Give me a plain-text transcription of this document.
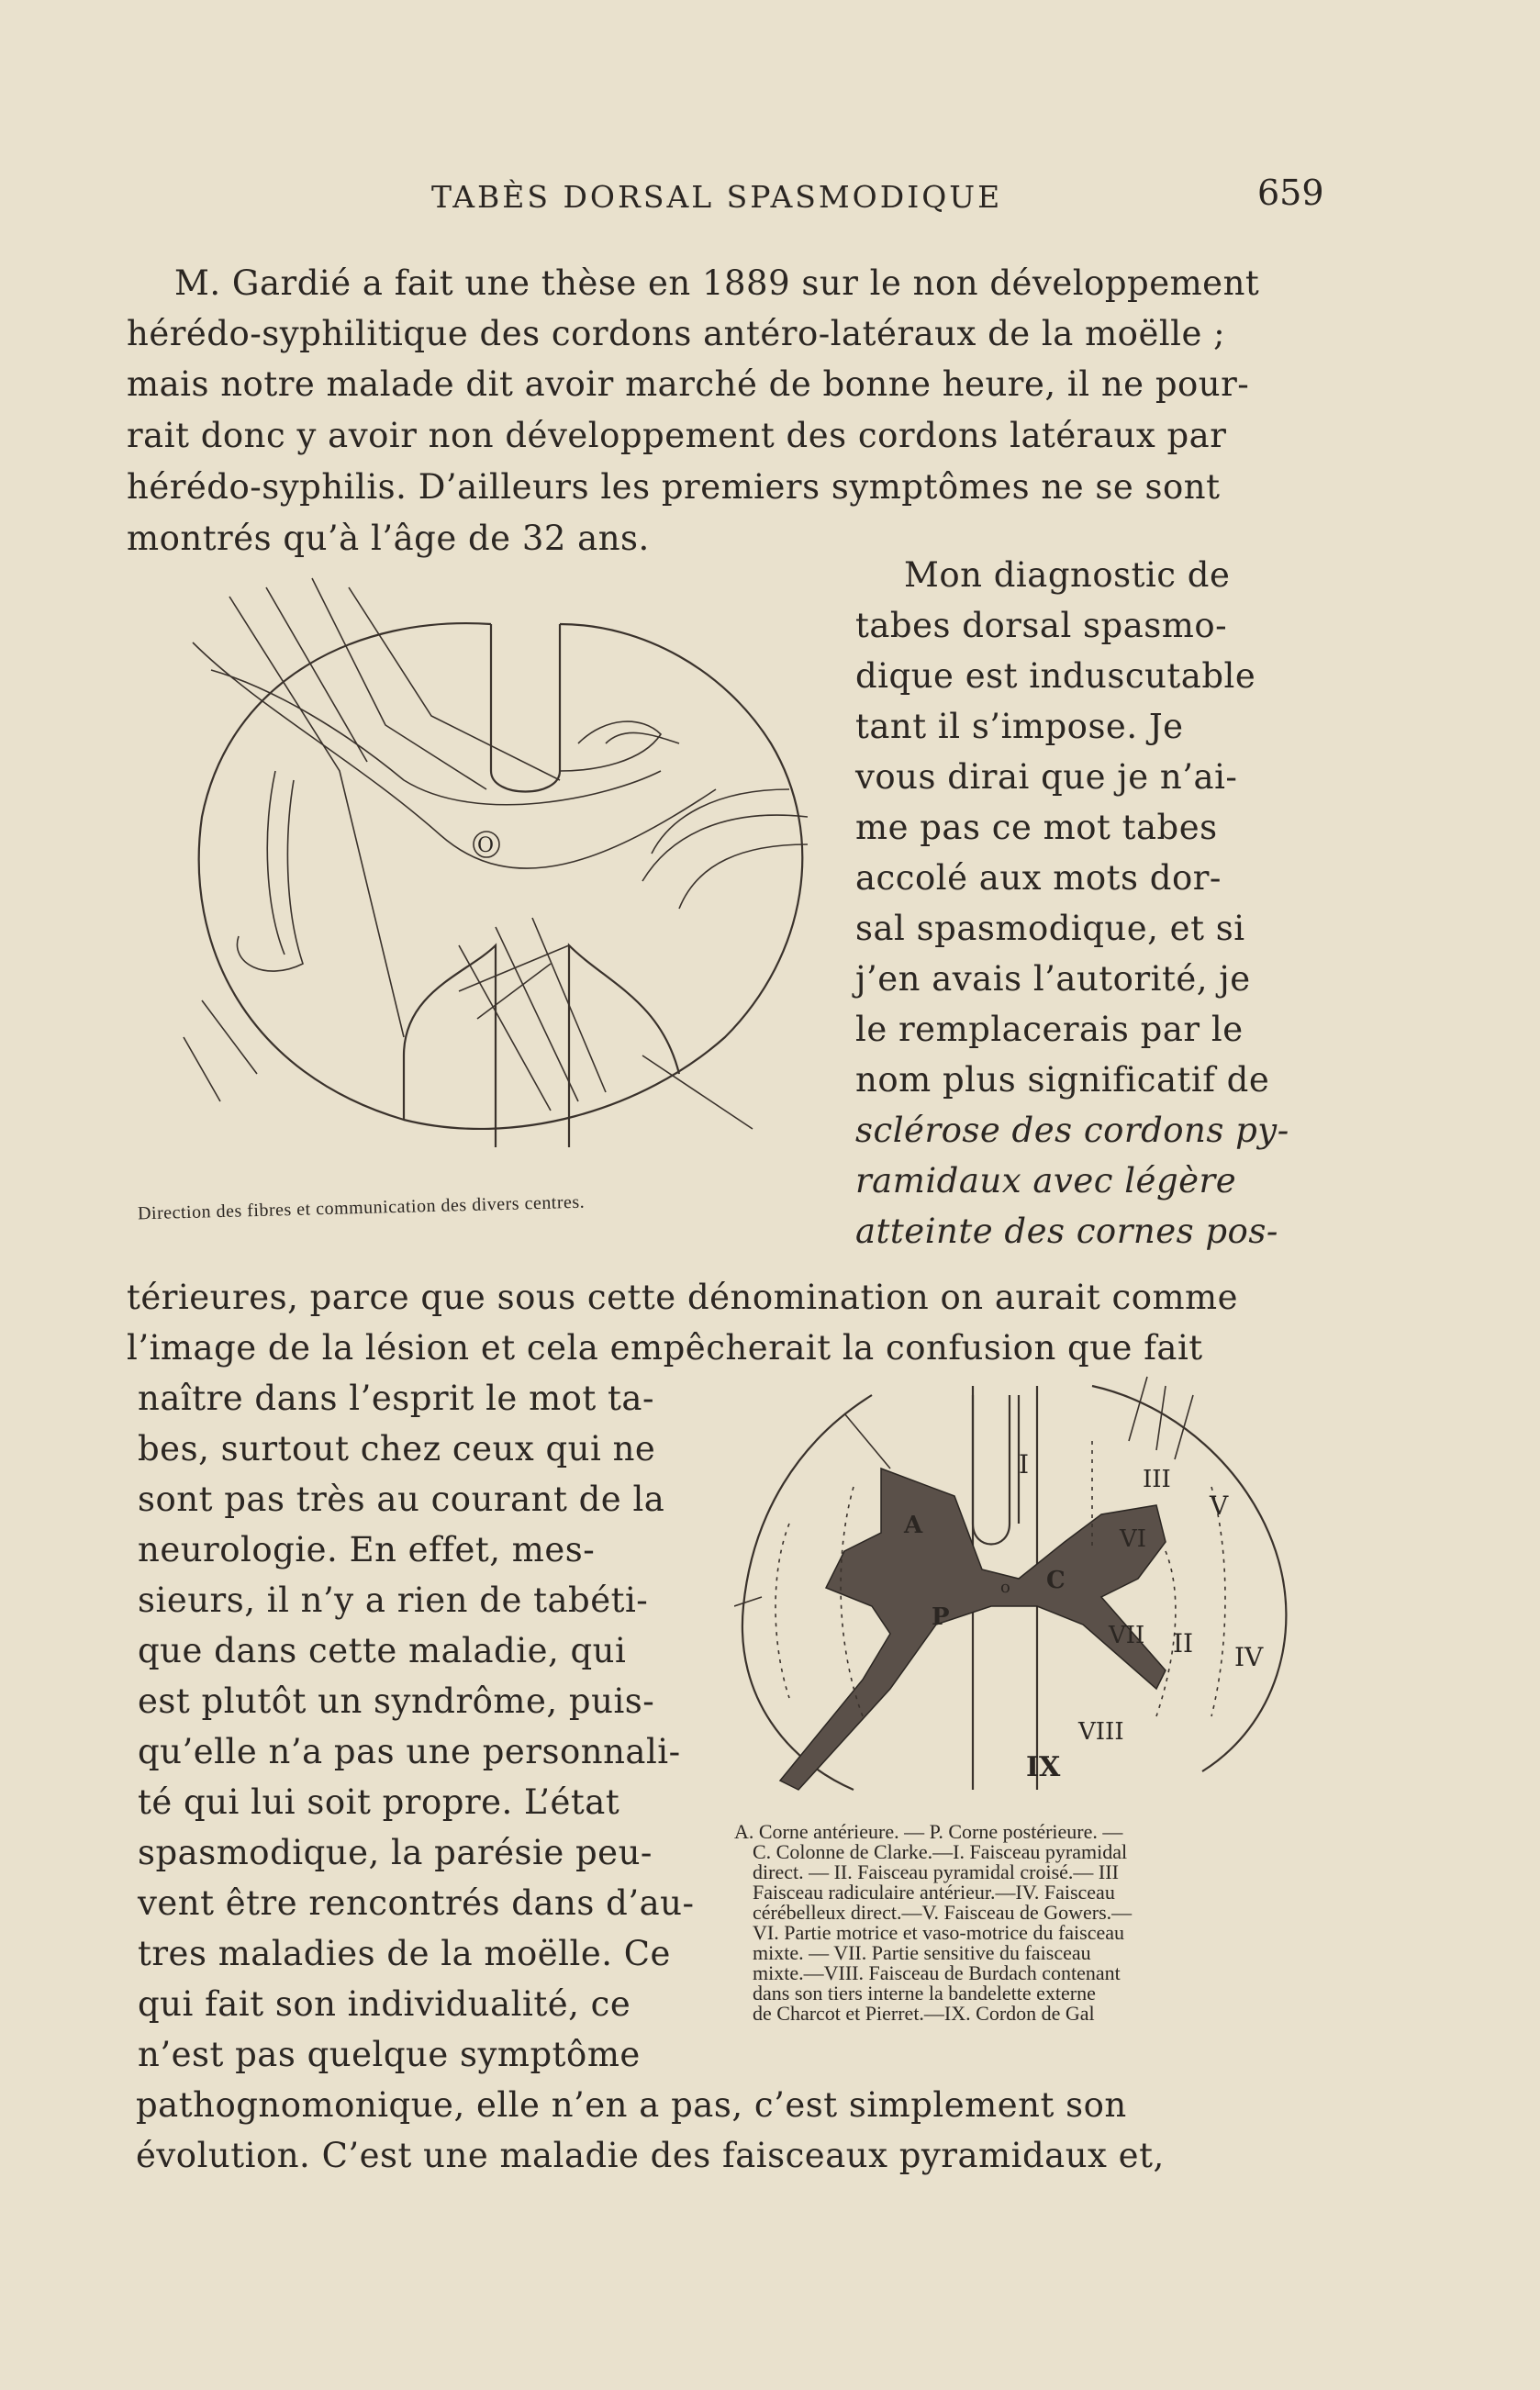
TABÈS DORSAL SPASMODIQUE	659
M. Gardié a fait une thèse en 1889 sur le non développement
hérédo-syphilitique des cordons antéro-latéraux de la moëlle ;
mais notre malade dit avoir marché de bonne heure, il ne pour-
rait donc y avoir non développement des cordons latéraux par
hérédo-syphilis. D’ailleurs les premiers symptômes ne se sont
montrés qu’à l’âge de 32 ans.
O
Direction des fibres et communication des divers centres.
Mon diagnostic de
tabes dorsal spasmo-
dique est induscutable
tant il s’impose. Je
vous dirai que je n’ai-
me pas ce mot tabes
accolé aux mots dor-
sal spasmodique, et si
j’en avais l’autorité, je
le remplacerais par le
nom plus significatif de
sclérose des cordons py-
ramidaux avec légère
atteinte des cornes pos-
térieures, parce que sous cette dénomination on aurait comme
l’image de la lésion et cela empêcherait la confusion que fait
naître dans l’esprit le mot ta-
bes, surtout chez ceux qui ne
sont pas très au courant de la
neurologie. En effet, mes-
sieurs, il n’y a rien de tabéti-
que dans cette maladie, qui
est plutôt un syndrôme, puis-
qu’elle n’a pas une personnali-
té qui lui soit propre. L’état
spasmodique, la parésie peu-
vent être rencontrés dans d’au-
tres maladies de la moëlle. Ce
qui fait son individualité, ce
n’est pas quelque symptôme
A
P
C
I
II
III
IV
V
VI
VII
VIII
IX
o
A. Corne antérieure. — P. Corne postérieure. —
C. Colonne de Clarke.—I. Faisceau pyramidal
direct. — II. Faisceau pyramidal croisé.— III
Faisceau radiculaire antérieur.—IV. Faisceau
cérébelleux direct.—V. Faisceau de Gowers.—
VI. Partie motrice et vaso-motrice du faisceau
mixte. — VII. Partie sensitive du faisceau
mixte.—VIII. Faisceau de Burdach contenant
dans son tiers interne la bandelette externe
de Charcot et Pierret.—IX. Cordon de Gal
pathognomonique, elle n’en a pas, c’est simplement son
évolution. C’est une maladie des faisceaux pyramidaux et,
